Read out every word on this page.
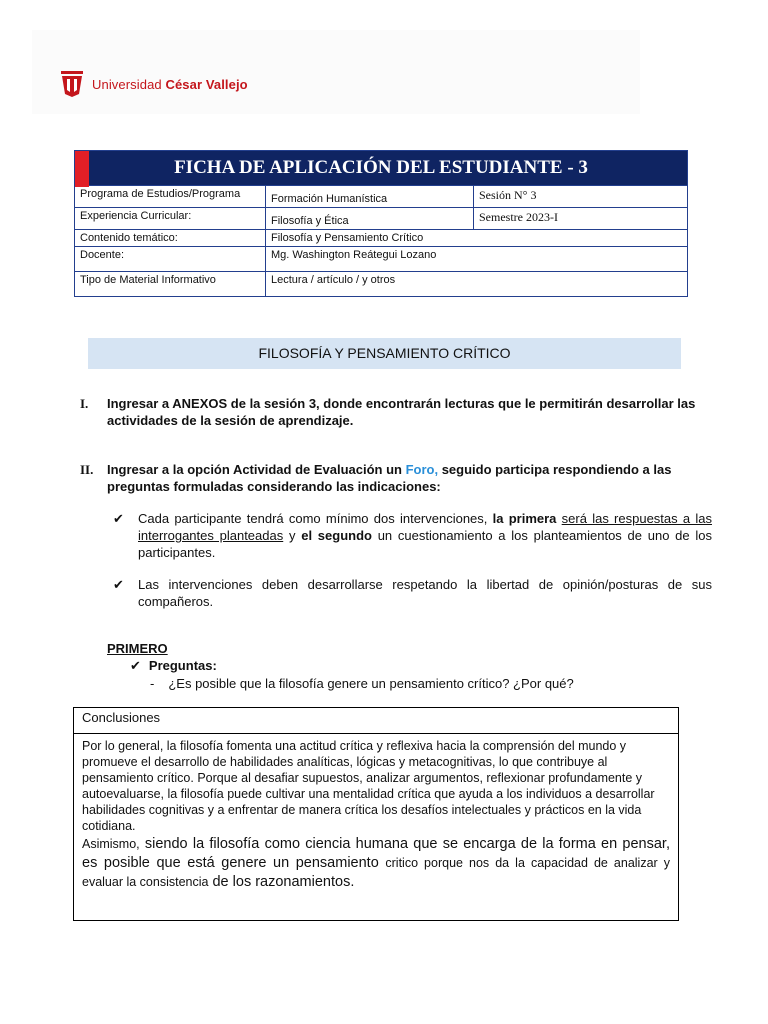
Universidad César Vallejo
FICHA DE APLICACIÓN DEL ESTUDIANTE - 3		
Programa de Estudios/Programa	Formación Humanística	Sesión N° 3
Experiencia Curricular:	Filosofía y Ética	Semestre 2023-I
Contenido temático:	Filosofía y Pensamiento Crítico	
Docente:	Mg. Washington Reátegui Lozano	
Tipo de Material Informativo	Lectura / artículo / y otros	
FILOSOFÍA Y PENSAMIENTO CRÍTICO
I. Ingresar a ANEXOS de la sesión 3, donde encontrarán lecturas que le permitirán desarrollar las actividades de la sesión de aprendizaje.
II. Ingresar a la opción Actividad de Evaluación un Foro, seguido participa respondiendo a las preguntas formuladas considerando las indicaciones:
✔ Cada participante tendrá como mínimo dos intervenciones, la primera será las respuestas a las interrogantes planteadas y el segundo un cuestionamiento a los planteamientos de uno de los participantes.
✔ Las intervenciones deben desarrollarse respetando la libertad de opinión/posturas de sus compañeros.
PRIMERO
✔ Preguntas:
- ¿Es posible que la filosofía genere un pensamiento crítico? ¿Por qué?
Conclusiones
Por lo general, la filosofía fomenta una actitud crítica y reflexiva hacia la comprensión del mundo y promueve el desarrollo de habilidades analíticas, lógicas y metacognitivas, lo que contribuye al pensamiento crítico. Porque al desafiar supuestos, analizar argumentos, reflexionar profundamente y autoevaluarse, la filosofía puede cultivar una mentalidad crítica que ayuda a los individuos a desarrollar habilidades cognitivas y a enfrentar de manera crítica los desafíos intelectuales y prácticos en la vida cotidiana.
Asimismo, siendo la filosofía como ciencia humana que se encarga de la forma en pensar, es posible que está genere un pensamiento critico porque nos da la capacidad de analizar y evaluar la consistencia de los razonamientos.
